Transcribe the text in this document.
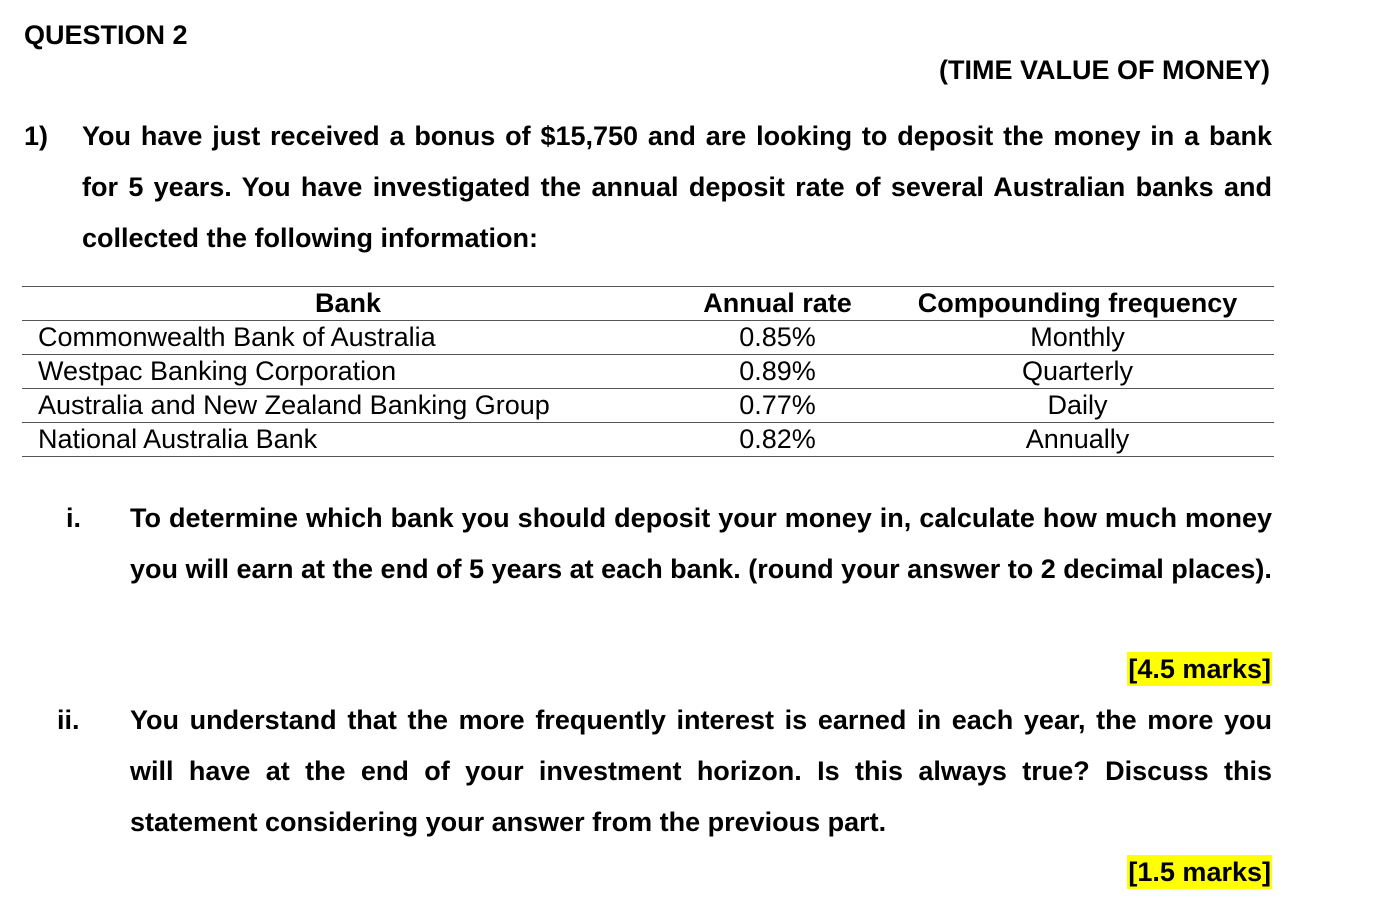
QUESTION 2
(TIME VALUE OF MONEY)
1) You have just received a bonus of $15,750 and are looking to deposit the money in a bank for 5 years. You have investigated the annual deposit rate of several Australian banks and collected the following information:
Bank	Annual rate	Compounding frequency
Commonwealth Bank of Australia	0.85%	Monthly
Westpac Banking Corporation	0.89%	Quarterly
Australia and New Zealand Banking Group	0.77%	Daily
National Australia Bank	0.82%	Annually
i. To determine which bank you should deposit your money in, calculate how much money you will earn at the end of 5 years at each bank. (round your answer to 2 decimal places).
[4.5 marks]
ii. You understand that the more frequently interest is earned in each year, the more you will have at the end of your investment horizon. Is this always true? Discuss this statement considering your answer from the previous part.
[1.5 marks]
